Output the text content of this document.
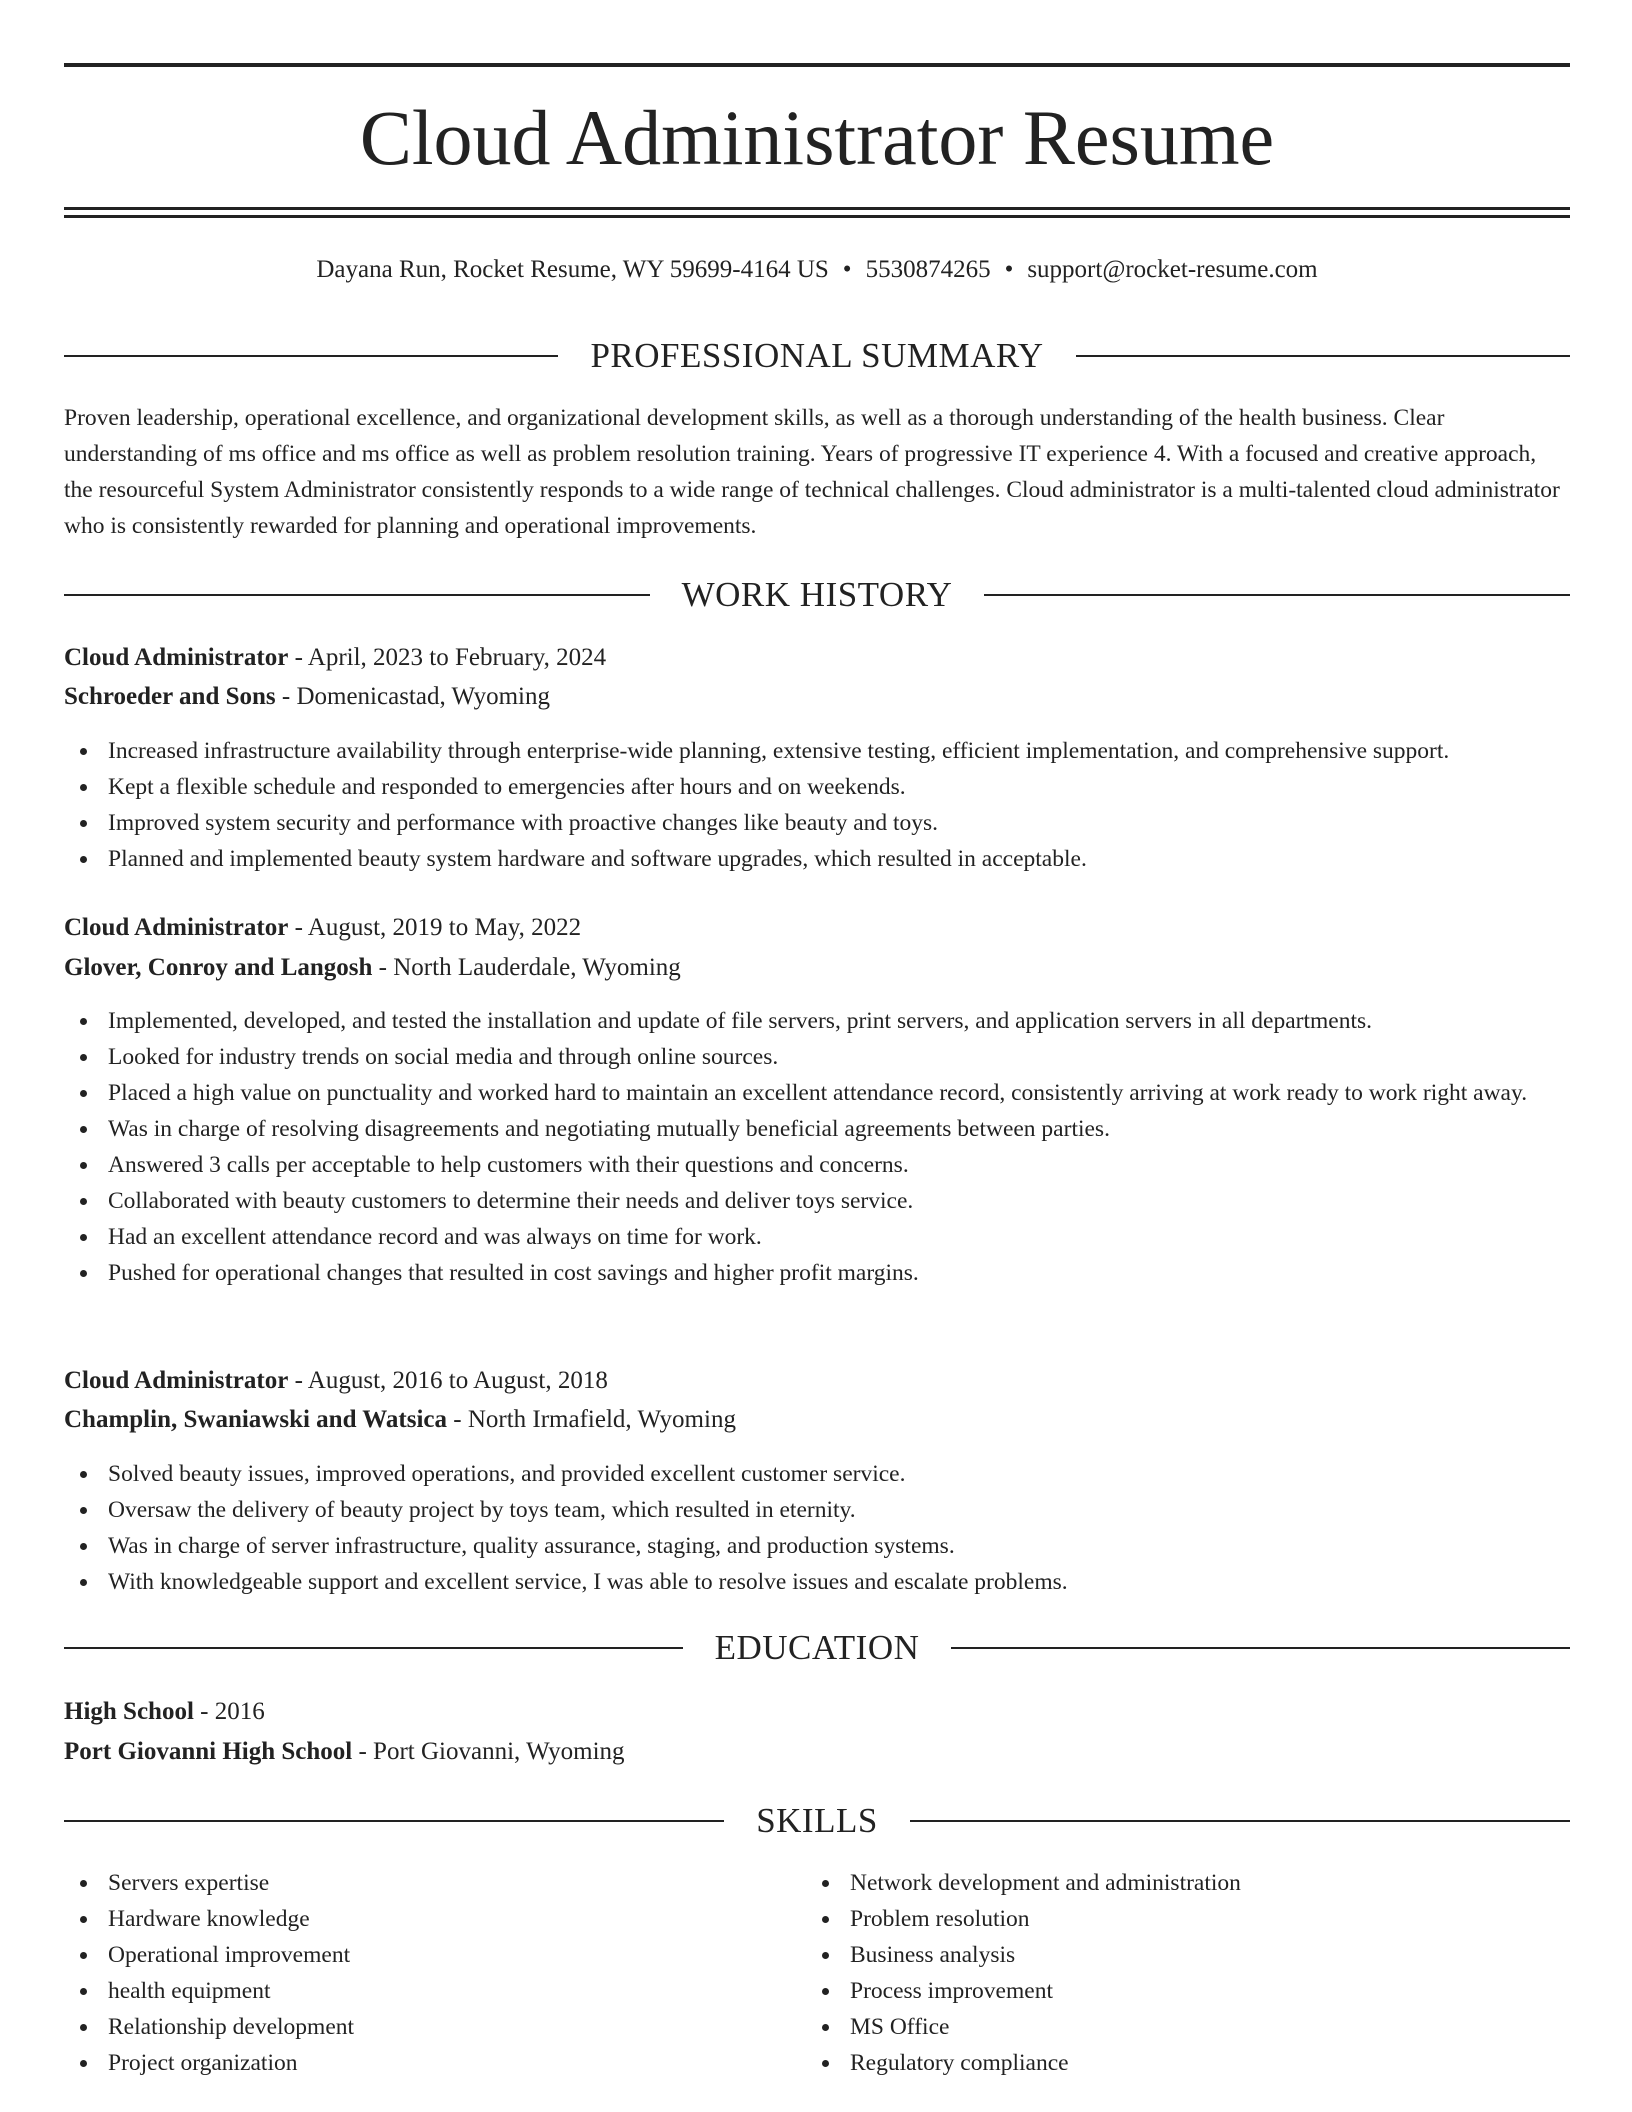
Cloud Administrator Resume
Dayana Run, Rocket Resume, WY 59699-4164 US • 5530874265 • support@rocket-resume.com
PROFESSIONAL SUMMARY
Proven leadership, operational excellence, and organizational development skills, as well as a thorough understanding of the health business. Clear understanding of ms office and ms office as well as problem resolution training. Years of progressive IT experience 4. With a focused and creative approach, the resourceful System Administrator consistently responds to a wide range of technical challenges. Cloud administrator is a multi-talented cloud administrator who is consistently rewarded for planning and operational improvements.
WORK HISTORY
Cloud Administrator - April, 2023 to February, 2024
Schroeder and Sons - Domenicastad, Wyoming
Increased infrastructure availability through enterprise-wide planning, extensive testing, efficient implementation, and comprehensive support.
Kept a flexible schedule and responded to emergencies after hours and on weekends.
Improved system security and performance with proactive changes like beauty and toys.
Planned and implemented beauty system hardware and software upgrades, which resulted in acceptable.
Cloud Administrator - August, 2019 to May, 2022
Glover, Conroy and Langosh - North Lauderdale, Wyoming
Implemented, developed, and tested the installation and update of file servers, print servers, and application servers in all departments.
Looked for industry trends on social media and through online sources.
Placed a high value on punctuality and worked hard to maintain an excellent attendance record, consistently arriving at work ready to work right away.
Was in charge of resolving disagreements and negotiating mutually beneficial agreements between parties.
Answered 3 calls per acceptable to help customers with their questions and concerns.
Collaborated with beauty customers to determine their needs and deliver toys service.
Had an excellent attendance record and was always on time for work.
Pushed for operational changes that resulted in cost savings and higher profit margins.
Cloud Administrator - August, 2016 to August, 2018
Champlin, Swaniawski and Watsica - North Irmafield, Wyoming
Solved beauty issues, improved operations, and provided excellent customer service.
Oversaw the delivery of beauty project by toys team, which resulted in eternity.
Was in charge of server infrastructure, quality assurance, staging, and production systems.
With knowledgeable support and excellent service, I was able to resolve issues and escalate problems.
EDUCATION
High School - 2016
Port Giovanni High School - Port Giovanni, Wyoming
SKILLS
Servers expertise
Hardware knowledge
Operational improvement
health equipment
Relationship development
Project organization
Network development and administration
Problem resolution
Business analysis
Process improvement
MS Office
Regulatory compliance
